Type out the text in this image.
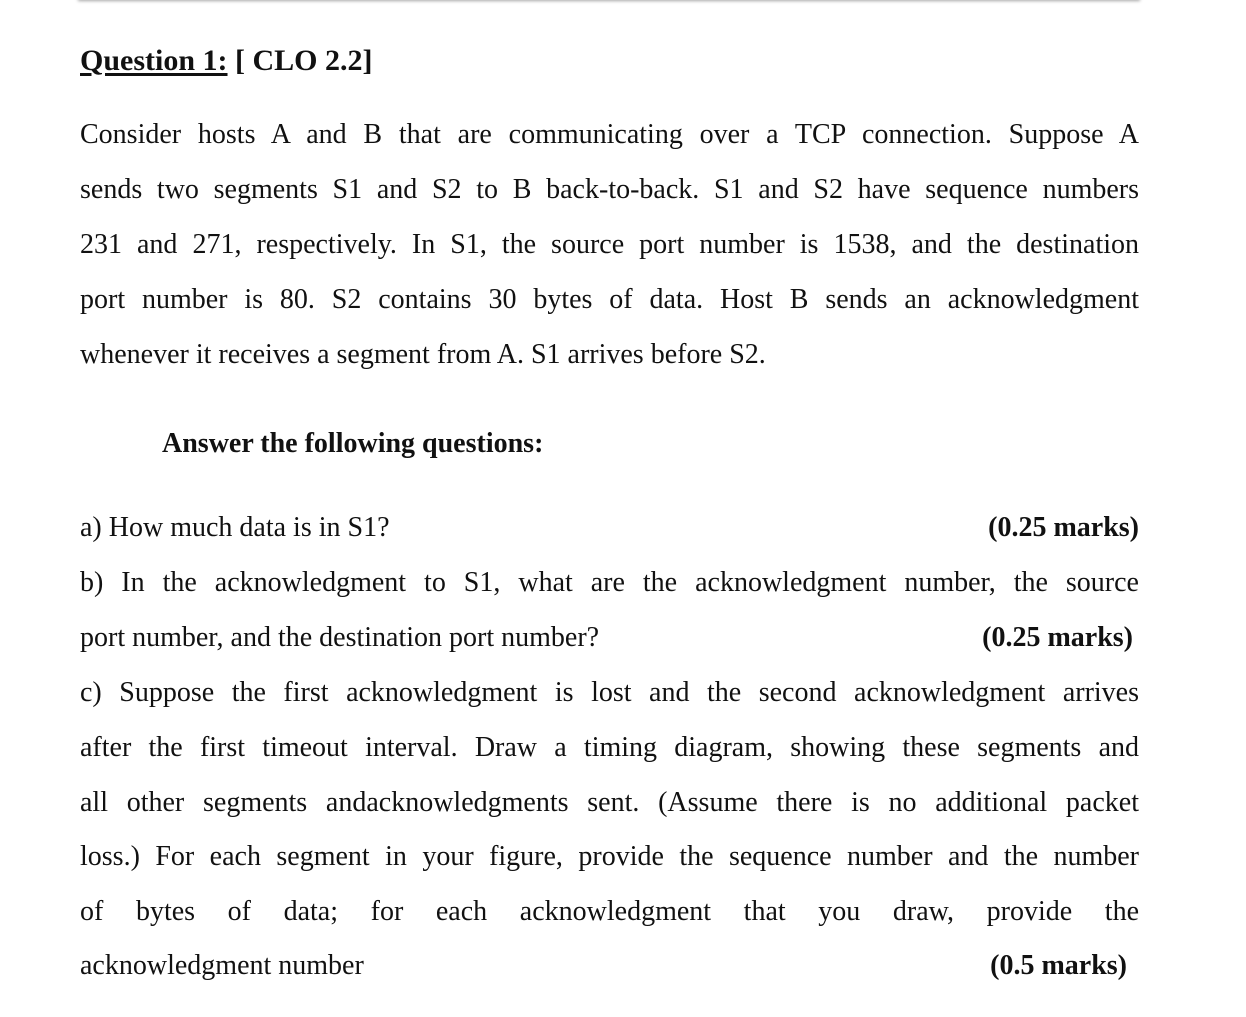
Question 1: [ CLO 2.2]
Consider hosts A and B that are communicating over a TCP connection. Suppose A
sends two segments S1 and S2 to B back-to-back. S1 and S2 have sequence numbers
231 and 271, respectively. In S1, the source port number is 1538, and the destination
port number is 80. S2 contains 30 bytes of data. Host B sends an acknowledgment
whenever it receives a segment from A. S1 arrives before S2.
Answer the following questions:
a) How much data is in S1?	(0.25 marks)
b) In the acknowledgment to S1, what are the acknowledgment number, the source
port number, and the destination port number?	(0.25 marks)
c) Suppose the first acknowledgment is lost and the second acknowledgment arrives
after the first timeout interval. Draw a timing diagram, showing these segments and
all other segments andacknowledgments sent. (Assume there is no additional packet
loss.) For each segment in your figure, provide the sequence number and the number
of bytes of data; for each acknowledgment that you draw, provide the
acknowledgment number	(0.5 marks)
